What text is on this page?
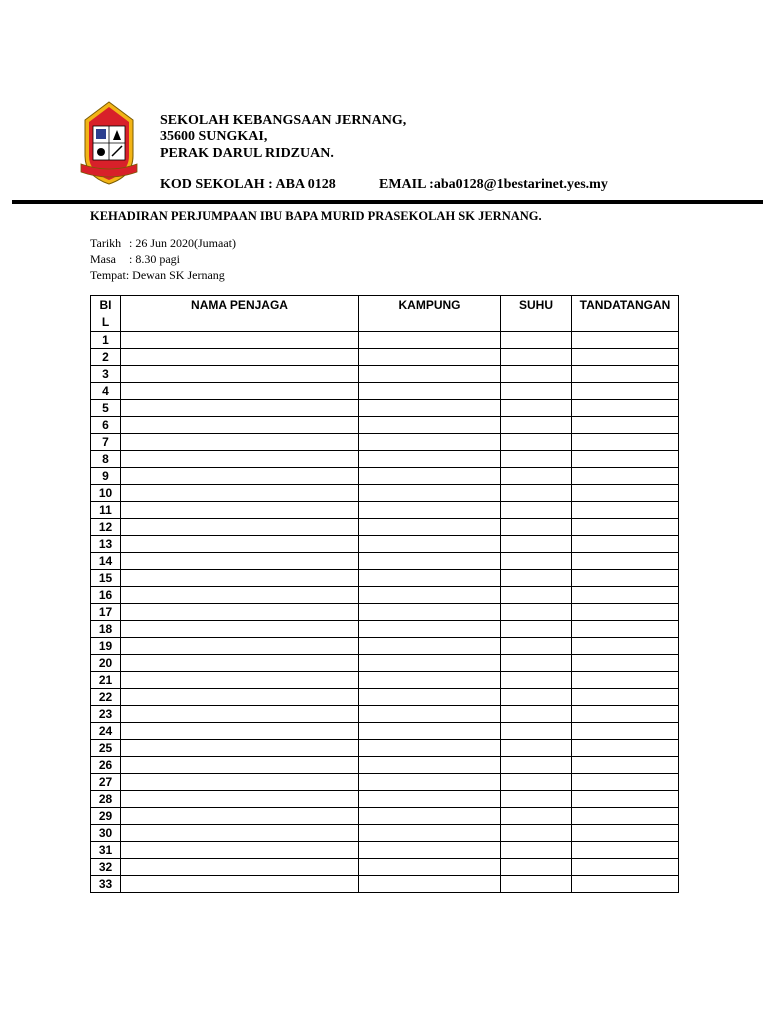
SEKOLAH KEBANGSAAN JERNANG,
35600 SUNGKAI,
PERAK DARUL RIDZUAN.
KOD SEKOLAH : ABA 0128	EMAIL :aba0128@1bestarinet.yes.my
KEHADIRAN PERJUMPAAN IBU BAPA MURID PRASEKOLAH SK JERNANG.
Tarikh : 26 Jun 2020(Jumaat)
Masa : 8.30 pagi
Tempat: Dewan SK Jernang
BI
L	NAMA PENJAGA	KAMPUNG	SUHU	TANDATANGAN
1				
2				
3				
4				
5				
6				
7				
8				
9				
10				
11				
12				
13				
14				
15				
16				
17				
18				
19				
20				
21				
22				
23				
24				
25				
26				
27				
28				
29				
30				
31				
32				
33				
